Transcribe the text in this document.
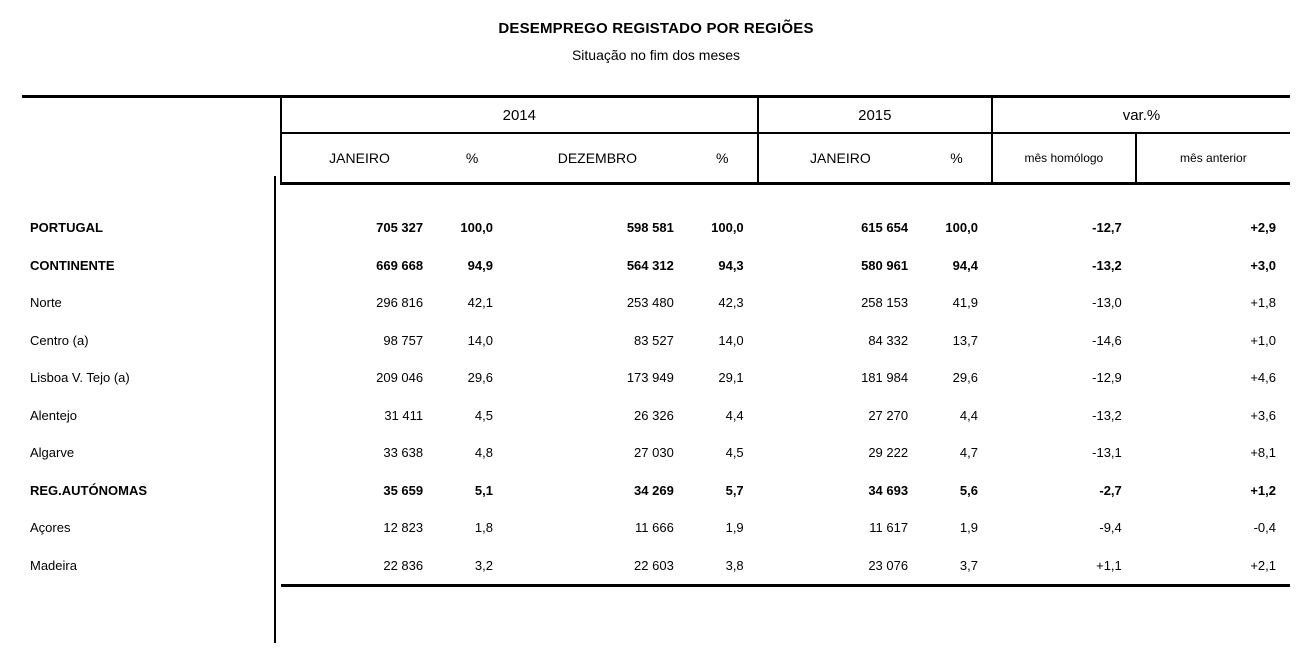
DESEMPREGO REGISTADO POR REGIÕES
Situação no fim dos meses
	2014				2015		var.%	
	JANEIRO	%	DEZEMBRO	%	JANEIRO	%	mês homólogo	mês anterior

PORTUGAL	705 327	100,0	598 581	100,0	615 654	100,0	-12,7	+2,9
CONTINENTE	669 668	94,9	564 312	94,3	580 961	94,4	-13,2	+3,0
Norte	296 816	42,1	253 480	42,3	258 153	41,9	-13,0	+1,8
Centro (a)	98 757	14,0	83 527	14,0	84 332	13,7	-14,6	+1,0
Lisboa V. Tejo (a)	209 046	29,6	173 949	29,1	181 984	29,6	-12,9	+4,6
Alentejo	31 411	4,5	26 326	4,4	27 270	4,4	-13,2	+3,6
Algarve	33 638	4,8	27 030	4,5	29 222	4,7	-13,1	+8,1
REG.AUTÓNOMAS	35 659	5,1	34 269	5,7	34 693	5,6	-2,7	+1,2
Açores	12 823	1,8	11 666	1,9	11 617	1,9	-9,4	-0,4
Madeira	22 836	3,2	22 603	3,8	23 076	3,7	+1,1	+2,1
